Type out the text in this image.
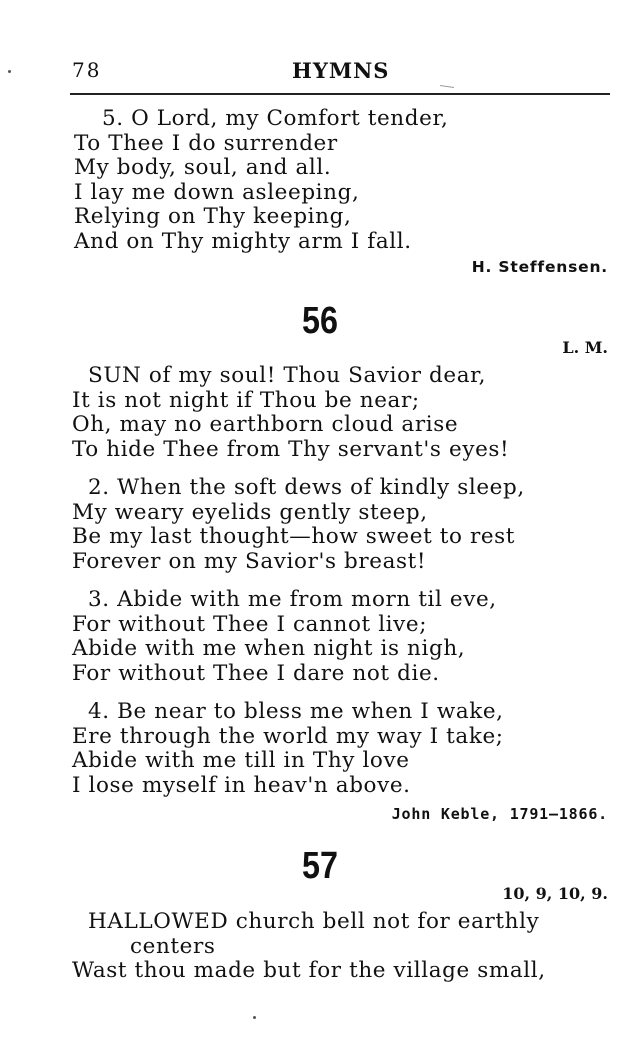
78	HYMNS
5. O Lord, my Comfort tender,
To Thee I do surrender
My body, soul, and all.
I lay me down asleeping,
Relying on Thy keeping,
And on Thy mighty arm I fall.
H. Steffensen.
56
L. M.
SUN of my soul! Thou Savior dear,
It is not night if Thou be near;
Oh, may no earthborn cloud arise
To hide Thee from Thy servant's eyes!
2. When the soft dews of kindly sleep,
My weary eyelids gently steep,
Be my last thought—how sweet to rest
Forever on my Savior's breast!
3. Abide with me from morn til eve,
For without Thee I cannot live;
Abide with me when night is nigh,
For without Thee I dare not die.
4. Be near to bless me when I wake,
Ere through the world my way I take;
Abide with me till in Thy love
I lose myself in heav'n above.
John Keble, 1791—1866.
57
10, 9, 10, 9.
HALLOWED church bell not for earthly
centers
Wast thou made but for the village small,
